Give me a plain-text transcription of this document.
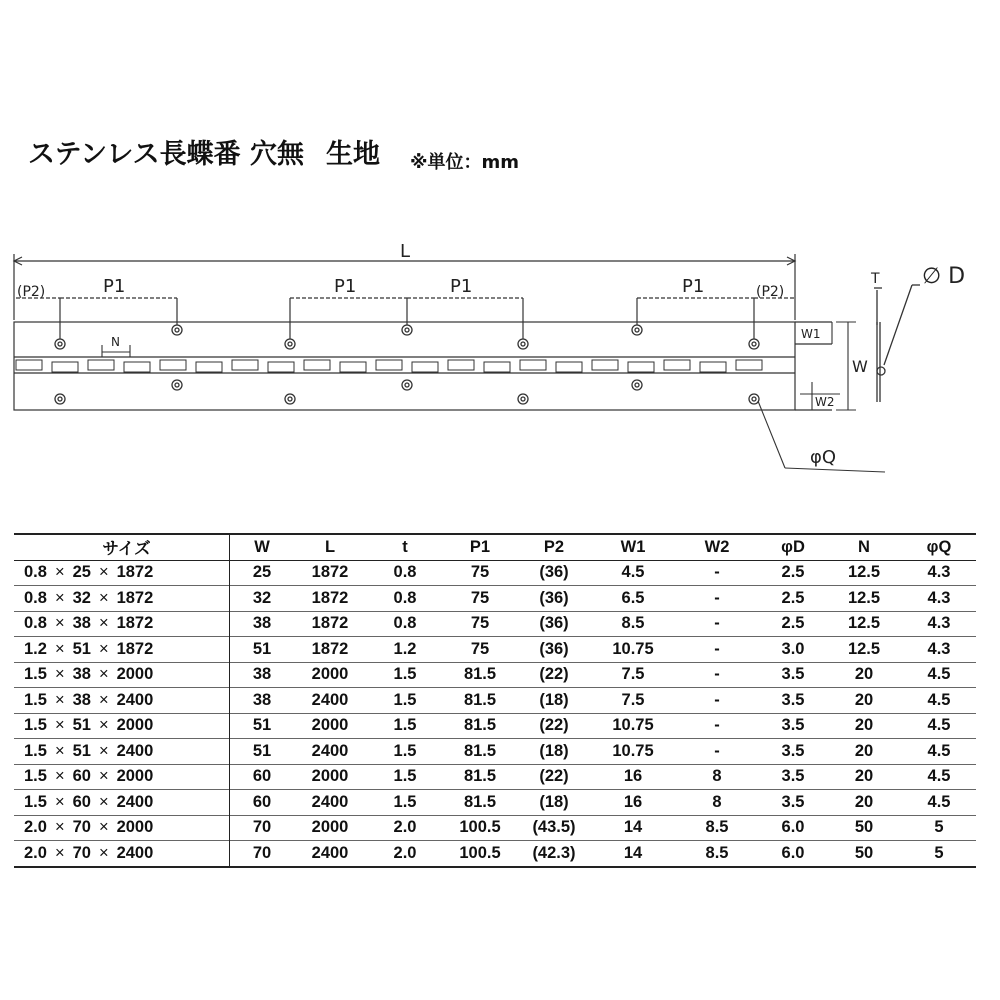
ステンレス長蝶番 穴無 生地 ※単位：mm
L
(P2)	P1	P1	P1	P1	(P2)
N
W1
W
W2
T ∅ D
φQ
サイズ	W	L	t	P1	P2	W1	W2	φD	N	φQ
0.8 × 25 × 1872	25	1872	0.8	75	(36)	4.5	-	2.5	12.5	4.3
0.8 × 32 × 1872	32	1872	0.8	75	(36)	6.5	-	2.5	12.5	4.3
0.8 × 38 × 1872	38	1872	0.8	75	(36)	8.5	-	2.5	12.5	4.3
1.2 × 51 × 1872	51	1872	1.2	75	(36)	10.75	-	3.0	12.5	4.3
1.5 × 38 × 2000	38	2000	1.5	81.5	(22)	7.5	-	3.5	20	4.5
1.5 × 38 × 2400	38	2400	1.5	81.5	(18)	7.5	-	3.5	20	4.5
1.5 × 51 × 2000	51	2000	1.5	81.5	(22)	10.75	-	3.5	20	4.5
1.5 × 51 × 2400	51	2400	1.5	81.5	(18)	10.75	-	3.5	20	4.5
1.5 × 60 × 2000	60	2000	1.5	81.5	(22)	16	8	3.5	20	4.5
1.5 × 60 × 2400	60	2400	1.5	81.5	(18)	16	8	3.5	20	4.5
2.0 × 70 × 2000	70	2000	2.0	100.5	(43.5)	14	8.5	6.0	50	5
2.0 × 70 × 2400	70	2400	2.0	100.5	(42.3)	14	8.5	6.0	50	5
